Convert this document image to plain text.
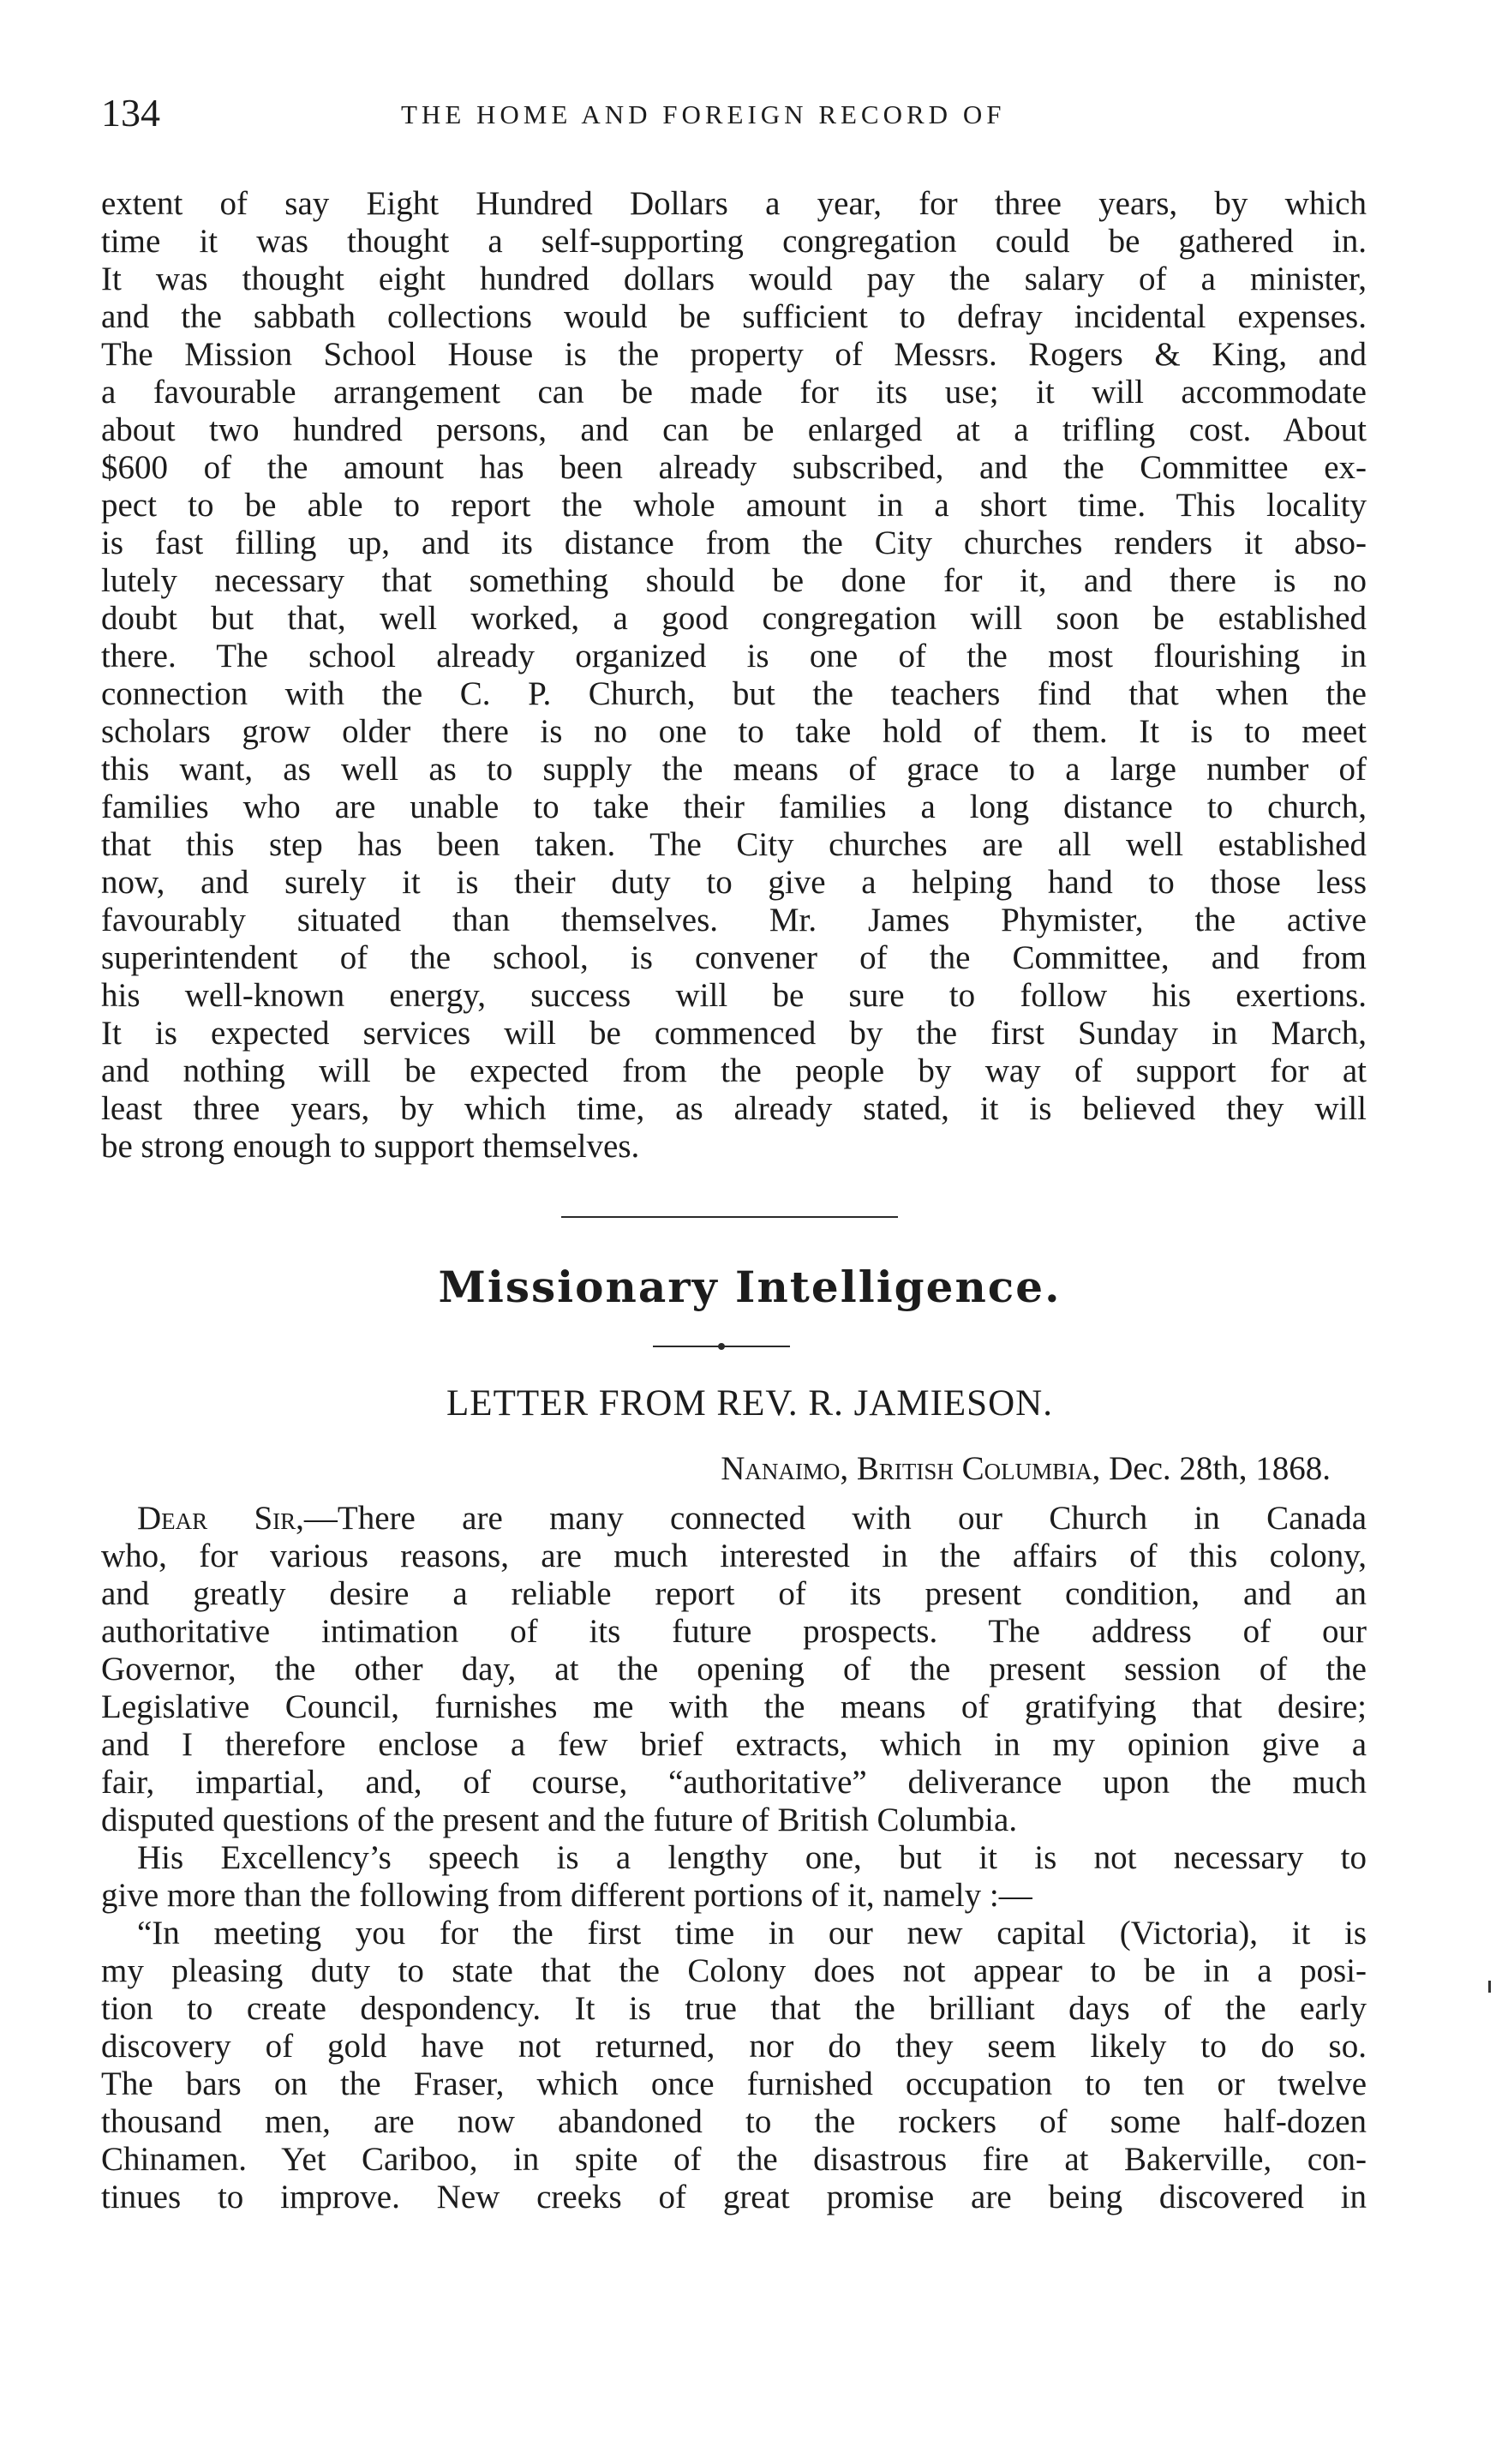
134	THE HOME AND FOREIGN RECORD OF
extent of say Eight Hundred Dollars a year, for three years, by which
time it was thought a self-supporting congregation could be gathered in.
It was thought eight hundred dollars would pay the salary of a minister,
and the sabbath collections would be sufficient to defray incidental expenses.
The Mission School House is the property of Messrs. Rogers & King, and
a favourable arrangement can be made for its use; it will accommodate
about two hundred persons, and can be enlarged at a trifling cost. About
$600 of the amount has been already subscribed, and the Committee ex-
pect to be able to report the whole amount in a short time. This locality
is fast filling up, and its distance from the City churches renders it abso-
lutely necessary that something should be done for it, and there is no
doubt but that, well worked, a good congregation will soon be established
there. The school already organized is one of the most flourishing in
connection with the C. P. Church, but the teachers find that when the
scholars grow older there is no one to take hold of them. It is to meet
this want, as well as to supply the means of grace to a large number of
families who are unable to take their families a long distance to church,
that this step has been taken. The City churches are all well established
now, and surely it is their duty to give a helping hand to those less
favourably situated than themselves. Mr. James Phymister, the active
superintendent of the school, is convener of the Committee, and from
his well-known energy, success will be sure to follow his exertions.
It is expected services will be commenced by the first Sunday in March,
and nothing will be expected from the people by way of support for at
least three years, by which time, as already stated, it is believed they will
be strong enough to support themselves.
Missionary Intelligence.
LETTER FROM REV. R. JAMIESON.
Nanaimo, British Columbia, Dec. 28th, 1868.
Dear Sir,—There are many connected with our Church in Canada
who, for various reasons, are much interested in the affairs of this colony,
and greatly desire a reliable report of its present condition, and an
authoritative intimation of its future prospects. The address of our
Governor, the other day, at the opening of the present session of the
Legislative Council, furnishes me with the means of gratifying that desire;
and I therefore enclose a few brief extracts, which in my opinion give a
fair, impartial, and, of course, “authoritative” deliverance upon the much
disputed questions of the present and the future of British Columbia.
His Excellency’s speech is a lengthy one, but it is not necessary to
give more than the following from different portions of it, namely :—
“In meeting you for the first time in our new capital (Victoria), it is
my pleasing duty to state that the Colony does not appear to be in a posi-
tion to create despondency. It is true that the brilliant days of the early
discovery of gold have not returned, nor do they seem likely to do so.
The bars on the Fraser, which once furnished occupation to ten or twelve
thousand men, are now abandoned to the rockers of some half-dozen
Chinamen. Yet Cariboo, in spite of the disastrous fire at Bakerville, con-
tinues to improve. New creeks of great promise are being discovered in
